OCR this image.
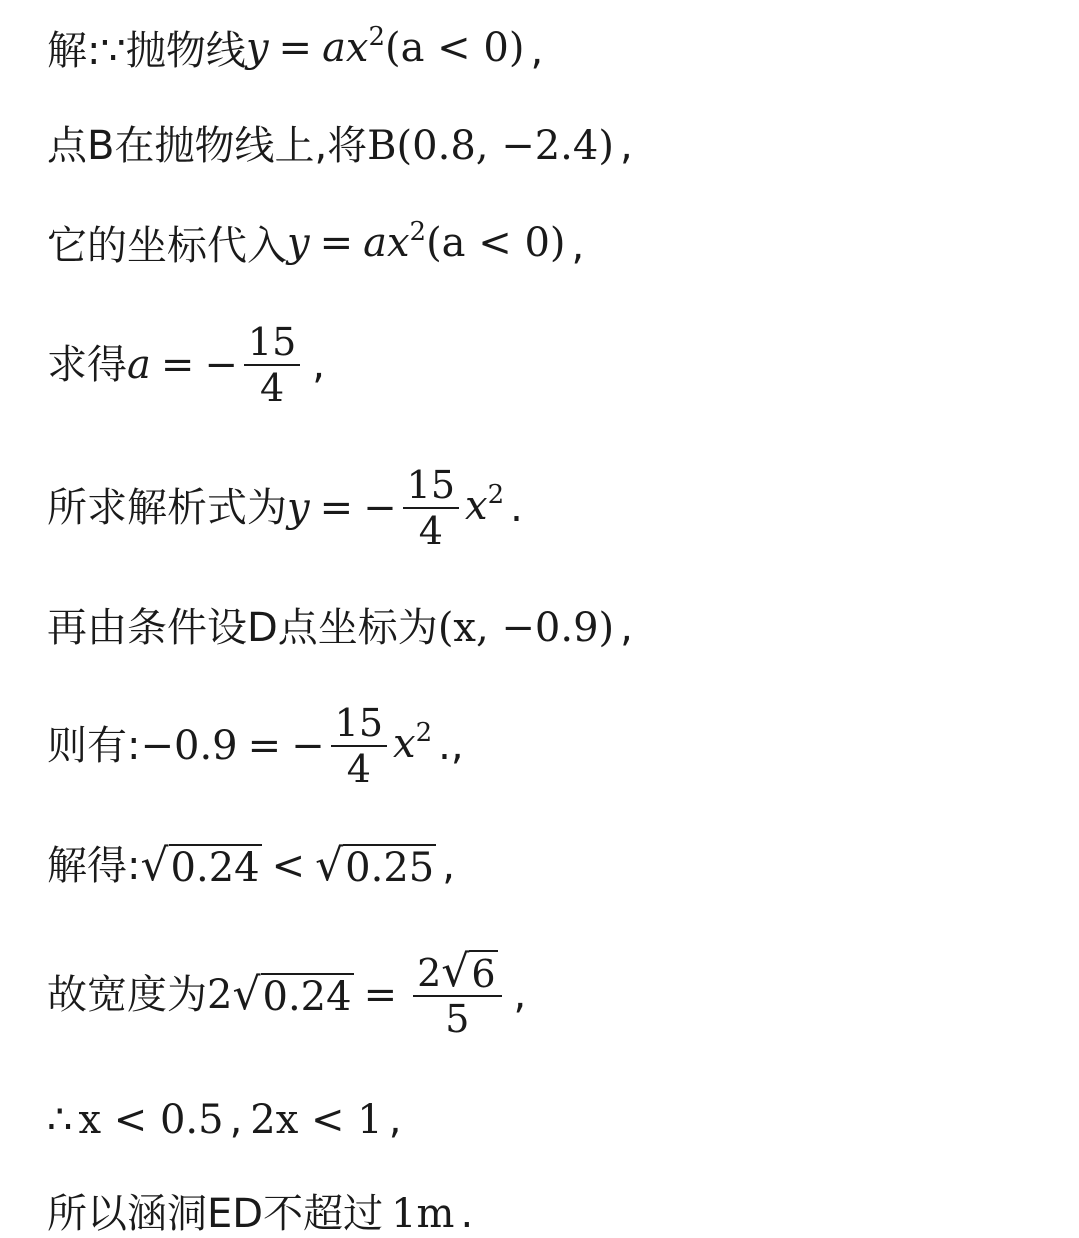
解:∵抛物线 $y = ax^2(a < 0)$ ,
点B在抛物线上,将 B(0.8, −2.4) ,
它的坐标代入 $y = ax^2(a < 0)$ ,
求得 a = − $\frac{15}{4}$ ,
所求解析式为 y = − $\frac{15}{4} x^2$ .
再由条件设D点坐标为 (x, −0.9) ,
则有: −0.9 = − $\frac{15}{4} x^2$ .,
解得: √ 0.24 < √ 0.25 ,
故宽度为 2 √ $0.24 = \frac{2 √ 6}{5}$ ,
∴ x < 0.5 , 2x < 1 ,
所以涵洞ED不超过 1m .
